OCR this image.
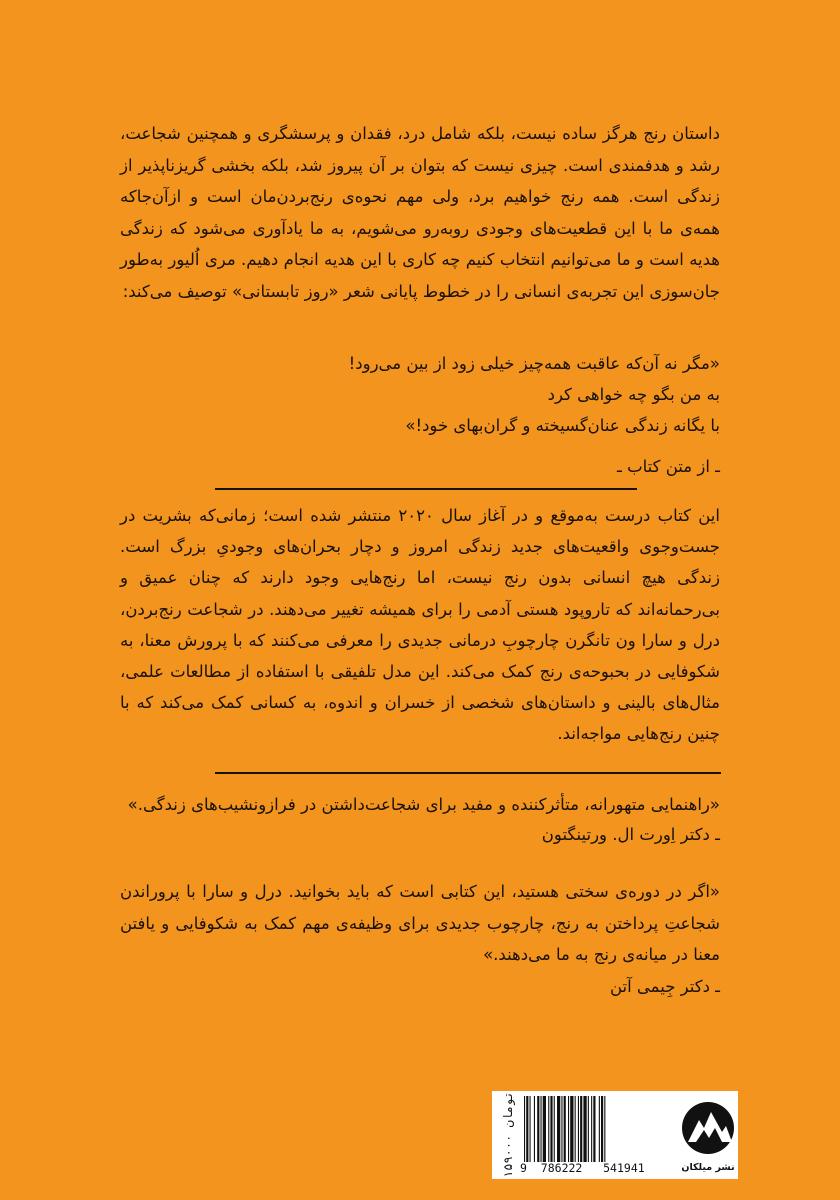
داستان رنج هرگز ساده نیست، بلکه شامل درد، فقدان و پرسشگری و همچنین شجاعت، رشد و هدفمندی است. چیزی نیست که بتوان بر آن پیروز شد، بلکه بخشی گریزناپذیر از زندگی است. همه رنج خواهیم برد، ولی مهم نحوه‌ی رنج‌بردن‌مان است و ازآن‌جاکه همه‌ی ما با این قطعیت‌های وجودی روبه‌رو می‌شویم، به ما یادآوری می‌شود که زندگی هدیه است و ما می‌توانیم انتخاب کنیم چه کاری با این هدیه انجام دهیم. مری اُلیور به‌طور جان‌سوزی این تجربه‌ی انسانی را در خطوط پایانی شعر «روز تابستانی» توصیف می‌کند:

«مگر نه آن‌که عاقبت همه‌چیز خیلی زود از بین می‌رود!
به من بگو چه خواهی کرد
با یگانه زندگی عنان‌گسیخته و گران‌بهای خود!»
ـ از متن کتاب ـ

این کتاب درست به‌موقع و در آغاز سال ۲۰۲۰ منتشر شده است؛ زمانی‌که بشریت در جست‌وجوی واقعیت‌های جدید زندگی امروز و دچار بحران‌های وجودیِ بزرگ است. زندگی هیچ انسانی بدون رنج نیست، اما رنج‌هایی وجود دارند که چنان عمیق و بی‌رحمانه‌اند که تاروپود هستی آدمی را برای همیشه تغییر می‌دهند. در شجاعت رنج‌بردن، درل و سارا ون تانگرن چارچوبِ درمانی جدیدی را معرفی می‌کنند که با پرورش معنا، به شکوفایی در بحبوحه‌ی رنج کمک می‌کند. این مدل تلفیقی با استفاده از مطالعات علمی، مثال‌های بالینی و داستان‌های شخصی از خسران و اندوه، به کسانی کمک می‌کند که با چنین رنج‌هایی مواجه‌اند.

«راهنمایی متهورانه، متأثرکننده و مفید برای شجاعت‌داشتن در فرازونشیب‌های زندگی.»
ـ دکتر اِورت ال. ورتینگتون
«اگر در دوره‌ی سختی هستید، این کتابی است که باید بخوانید. درل و سارا با پروراندن شجاعتِ پرداختن به رنج، چارچوب جدیدی برای وظیفه‌ی مهم کمک به شکوفایی و یافتن معنا در میانه‌ی رنج به ما می‌دهند.»
ـ دکتر جِیمی آتن
۱۵۹۰۰۰ تومان
9 786222 541941	نشر میلکان
